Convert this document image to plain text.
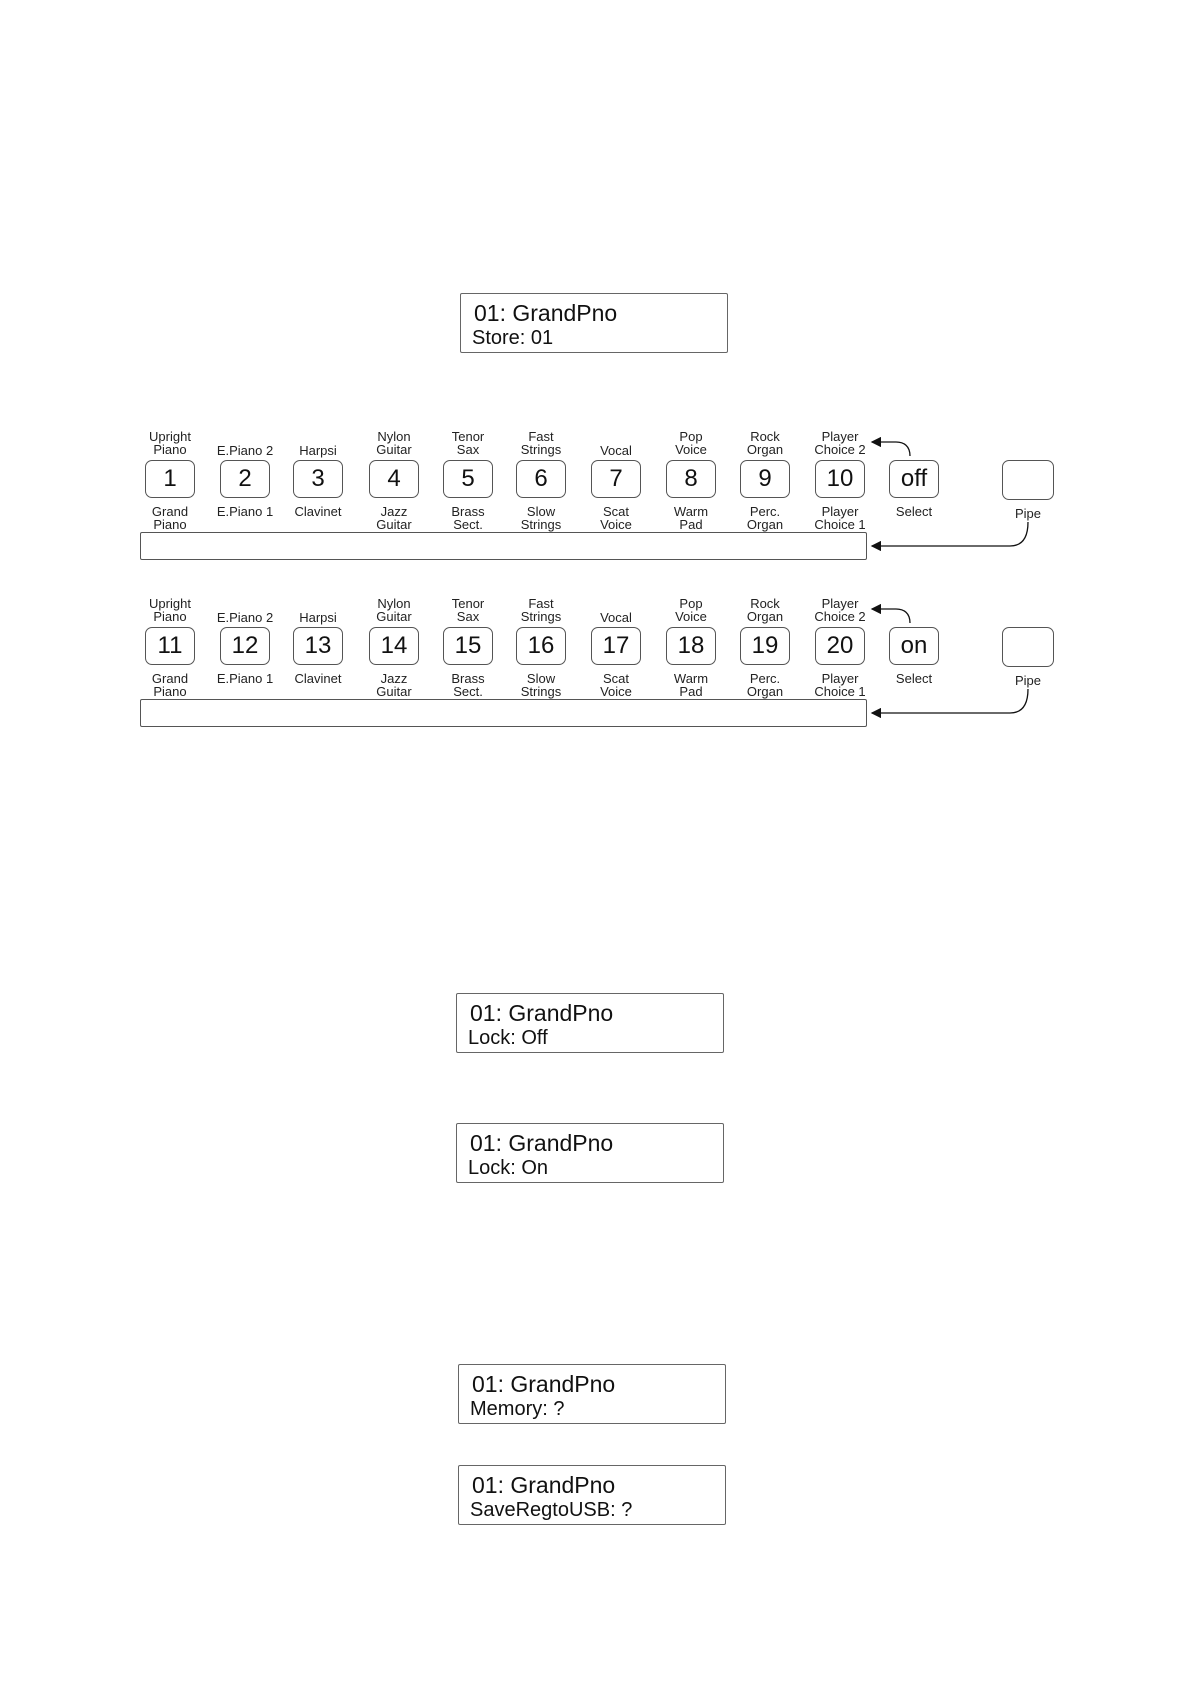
01: GrandPno
Store: 01
Upright
Piano
1
Grand
Piano
E.Piano 2
2
E.Piano 1
Harpsi
3
Clavinet
Nylon
Guitar
4
Jazz
Guitar
Tenor
Sax
5
Brass
Sect.
Fast
Strings
6
Slow
Strings
Vocal
7
Scat
Voice
Pop
Voice
8
Warm
Pad
Rock
Organ
9
Perc.
Organ
Player
Choice 2
10
Player
Choice 1
off
Select	Pipe
Upright
Piano
11
Grand
Piano
E.Piano 2
12
E.Piano 1
Harpsi
13
Clavinet
Nylon
Guitar
14
Jazz
Guitar
Tenor
Sax
15
Brass
Sect.
Fast
Strings
16
Slow
Strings
Vocal
17
Scat
Voice
Pop
Voice
18
Warm
Pad
Rock
Organ
19
Perc.
Organ
Player
Choice 2
20
Player
Choice 1
on
Select	Pipe
01: GrandPno
Lock: Off
01: GrandPno
Lock: On
01: GrandPno
Memory: ?
01: GrandPno
SaveRegtoUSB: ?
